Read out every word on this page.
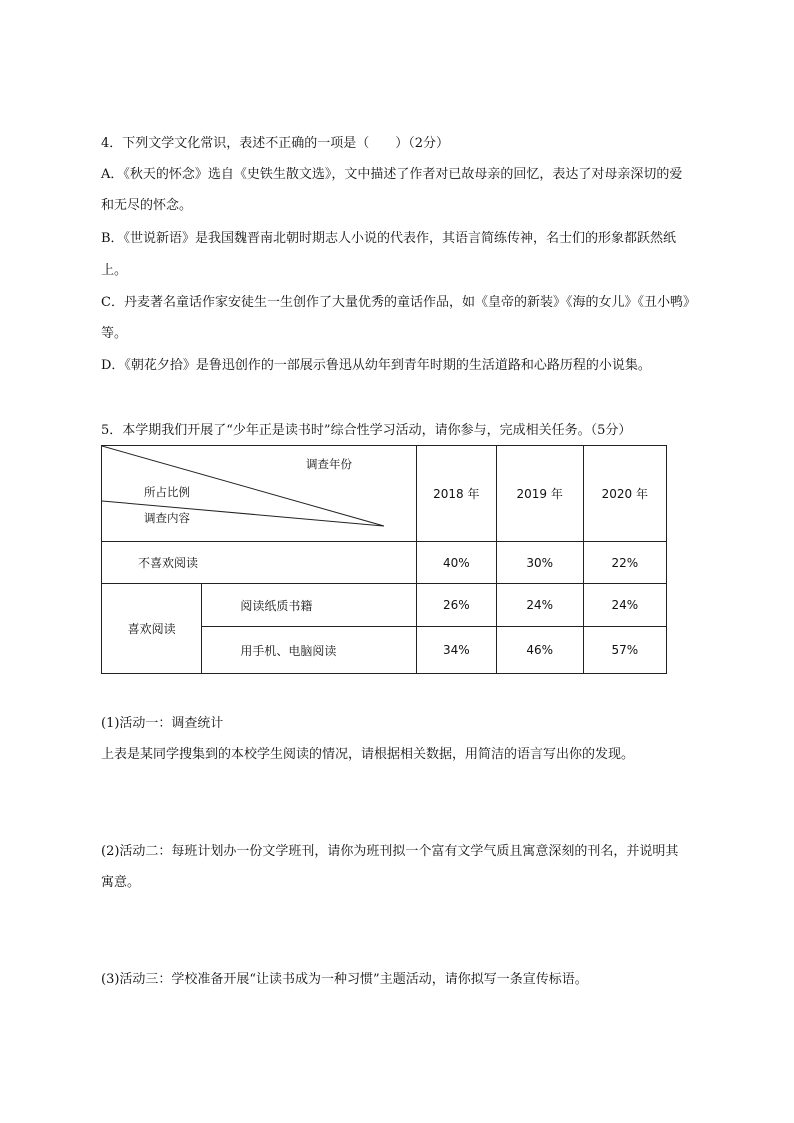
4．下列文学文化常识，表述不正确的一项是（　　）（2分）
A．《秋天的怀念》选自《史铁生散文选》，文中描述了作者对已故母亲的回忆，表达了对母亲深切的爱
和无尽的怀念。
B．《世说新语》是我国魏晋南北朝时期志人小说的代表作，其语言简练传神，名士们的形象都跃然纸
上。
C．丹麦著名童话作家安徒生一生创作了大量优秀的童话作品，如《皇帝的新装》《海的女儿》《丑小鸭》
等。
D．《朝花夕拾》是鲁迅创作的一部展示鲁迅从幼年到青年时期的生活道路和心路历程的小说集。
5．本学期我们开展了“少年正是读书时”综合性学习活动，请你参与，完成相关任务。（5分）
调查年份
所占比例
调查内容		2018 年	2019 年	2020 年
不喜欢阅读		40%	30%	22%
喜欢阅读	阅读纸质书籍	26%	24%	24%
	用手机、电脑阅读	34%	46%	57%
(1)活动一：调查统计
上表是某同学搜集到的本校学生阅读的情况，请根据相关数据，用简洁的语言写出你的发现。
(2)活动二：每班计划办一份文学班刊，请你为班刊拟一个富有文学气质且寓意深刻的刊名，并说明其
寓意。
(3)活动三：学校准备开展“让读书成为一种习惯”主题活动，请你拟写一条宣传标语。
